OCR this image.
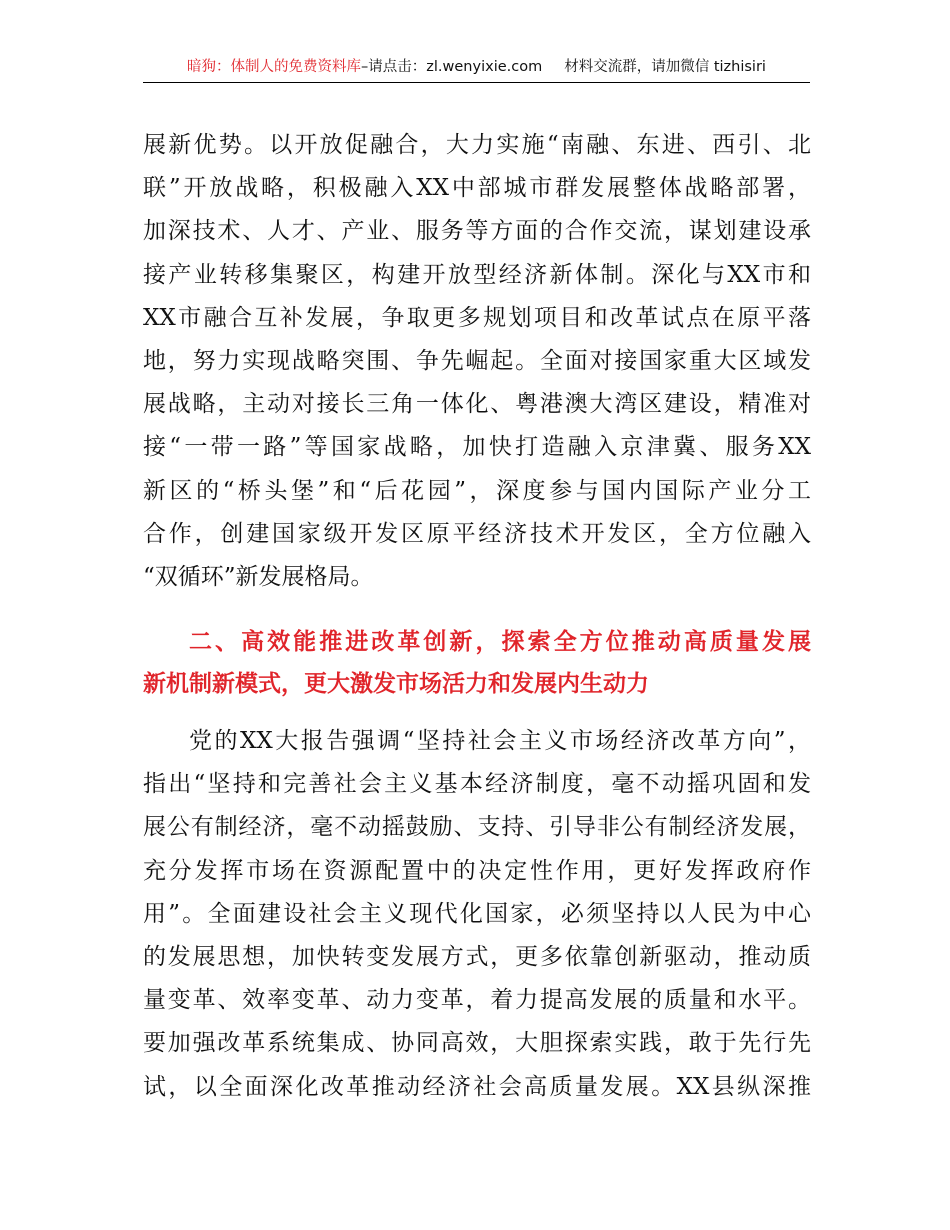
暗狗：体制人的免费资料库 –请点击： zl.wenyixie.com 材料交流群，请加微信 tizhisiri
展新优势。以开放促融合，大力实施“南融、东进、西引、北
联”开放战略，积极融入XX中部城市群发展整体战略部署，
加深技术、人才、产业、服务等方面的合作交流，谋划建设承
接产业转移集聚区，构建开放型经济新体制。深化与XX市和
XX市融合互补发展，争取更多规划项目和改革试点在原平落
地，努力实现战略突围、争先崛起。全面对接国家重大区域发
展战略，主动对接长三角一体化、粤港澳大湾区建设，精准对
接“一带一路”等国家战略，加快打造融入京津冀、服务XX
新区的“桥头堡”和“后花园”，深度参与国内国际产业分工
合作，创建国家级开发区原平经济技术开发区，全方位融入
“双循环”新发展格局。
二、高效能推进改革创新，探索全方位推动高质量发展
新机制新模式，更大激发市场活力和发展内生动力
党的XX大报告强调“坚持社会主义市场经济改革方向”，
指出“坚持和完善社会主义基本经济制度，毫不动摇巩固和发
展公有制经济，毫不动摇鼓励、支持、引导非公有制经济发展，
充分发挥市场在资源配置中的决定性作用，更好发挥政府作
用”。全面建设社会主义现代化国家，必须坚持以人民为中心
的发展思想，加快转变发展方式，更多依靠创新驱动，推动质
量变革、效率变革、动力变革，着力提高发展的质量和水平。
要加强改革系统集成、协同高效，大胆探索实践，敢于先行先
试，以全面深化改革推动经济社会高质量发展。XX县纵深推
